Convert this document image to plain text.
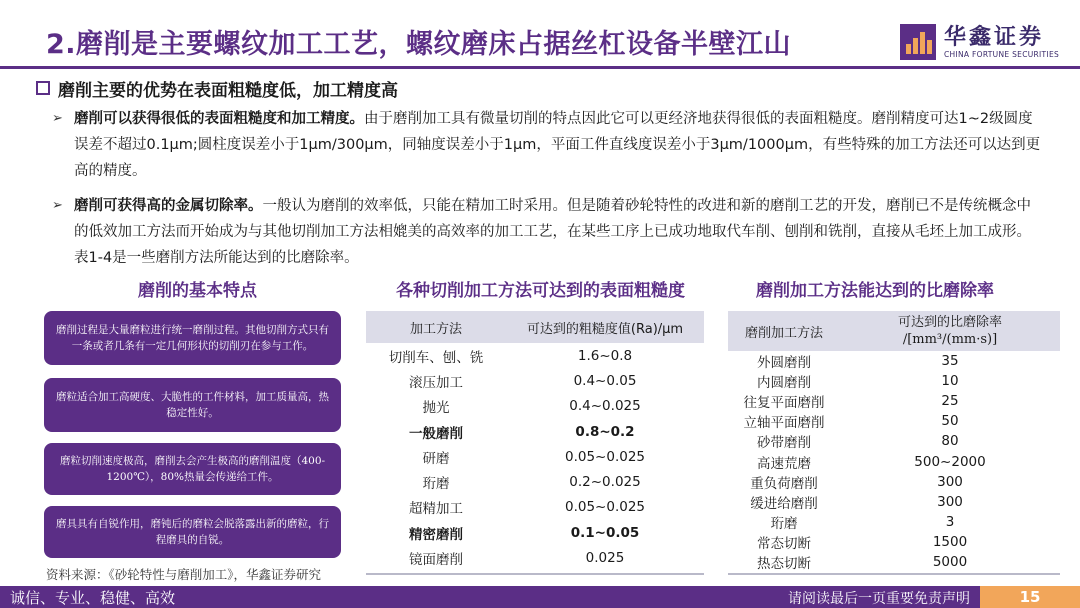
2.磨削是主要螺纹加工工艺，螺纹磨床占据丝杠设备半壁江山	华鑫证券
CHINA FORTUNE SECURITIES
磨削主要的优势在表面粗糙度低，加工精度高
➢ 磨削可以获得很低的表面粗糙度和加工精度。由于磨削加工具有微量切削的特点因此它可以更经济地获得很低的表面粗糙度。磨削精度可达1~2级圆度误差不超过0.1μm;圆柱度误差小于1μm/300μm，同轴度误差小于1μm，平面工件直线度误差小于3μm/1000μm，有些特殊的加工方法还可以达到更高的精度。
➢ 磨削可获得高的金属切除率。一般认为磨削的效率低，只能在精加工时采用。但是随着砂轮特性的改进和新的磨削工艺的开发，磨削已不是传统概念中的低效加工方法而开始成为与其他切削加工方法相媲美的高效率的加工工艺，在某些工序上已成功地取代车削、刨削和铣削，直接从毛坯上加工成形。表1-4是一些磨削方法所能达到的比磨除率。
磨削的基本特点
磨削过程是大量磨粒进行统一磨削过程。其他切削方式只有一条或者几条有一定几何形状的切削刃在参与工作。
磨粒适合加工高硬度、大脆性的工件材料，加工质量高，热稳定性好。
磨粒切削速度极高，磨削去会产生极高的磨削温度（400-1200℃），80%热量会传递给工件。
磨具具有自锐作用，磨钝后的磨粒会脱落露出新的磨粒，行程磨具的自锐。
资料来源：《砂轮特性与磨削加工》，华鑫证券研究
各种切削加工方法可达到的表面粗糙度
加工方法	可达到的粗糙度值(Ra)/μm
切削车、刨、铣	1.6~0.8
滚压加工	0.4~0.05
抛光	0.4~0.025
一般磨削	0.8~0.2
研磨	0.05~0.025
珩磨	0.2~0.025
超精加工	0.05~0.025
精密磨削	0.1~0.05
镜面磨削	0.025
磨削加工方法能达到的比磨除率
磨削加工方法	可达到的比磨除率
/[mm³/(mm·s)]
外圆磨削	35
内圆磨削	10
往复平面磨削	25
立轴平面磨削	50
砂带磨削	80
高速荒磨	500~2000
重负荷磨削	300
缓进给磨削	300
珩磨	3
常态切断	1500
热态切断	5000
诚信、专业、稳健、高效	请阅读最后一页重要免责声明	15
